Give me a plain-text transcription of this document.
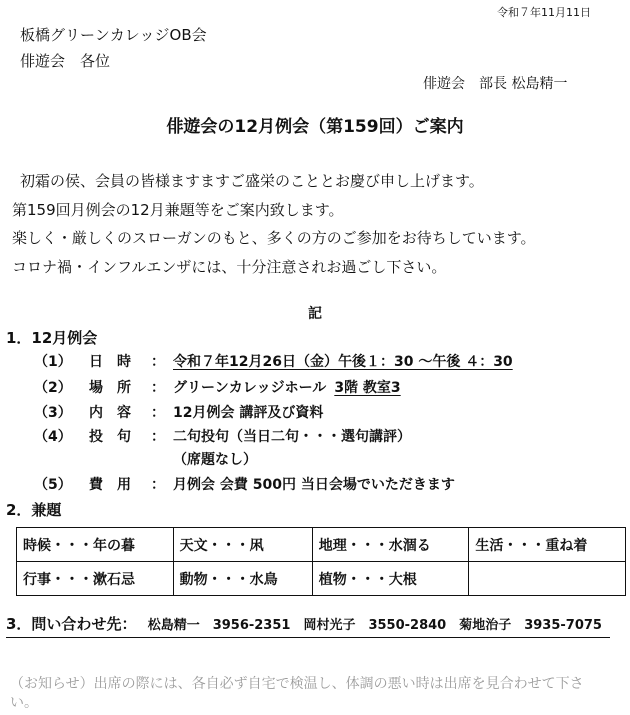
令和７年11月11日
板橋グリーンカレッジOB会
俳遊会　各位
俳遊会　部長 松島精一
俳遊会の12月例会（第159回）ご案内
初霜の侯、会員の皆様ますますご盛栄のこととお慶び申し上げます。
第159回月例会の12月兼題等をご案内致します。
楽しく・厳しくのスローガンのもと、多くの方のご参加をお待ちしています。
コロナ禍・インフルエンザには、十分注意されお過ごし下さい。
記
1．12月例会
（1） 日　時 ： 令和７年12月26日（金）午後１：30 〜午後 ４：30
（2） 場　所 ： グリーンカレッジホール 3階 教室3
（3） 内　容 ： 12月例会 講評及び資料
（4） 投　句 ： 二句投句（当日二句・・・選句講評）
（席題なし）
（5） 費　用 ： 月例会 会費 500円 当日会場でいただきます
2．兼題
時候・・・年の暮	天文・・・凩	地理・・・水涸る	生活・・・重ね着
行事・・・漱石忌	動物・・・水鳥	植物・・・大根	
3．問い合わせ先： 松島精一　3956-2351　岡村光子　3550-2840　菊地治子　3935-7075
（お知らせ）出席の際には、各自必ず自宅で検温し、体調の悪い時は出席を見合わせて下さい。
